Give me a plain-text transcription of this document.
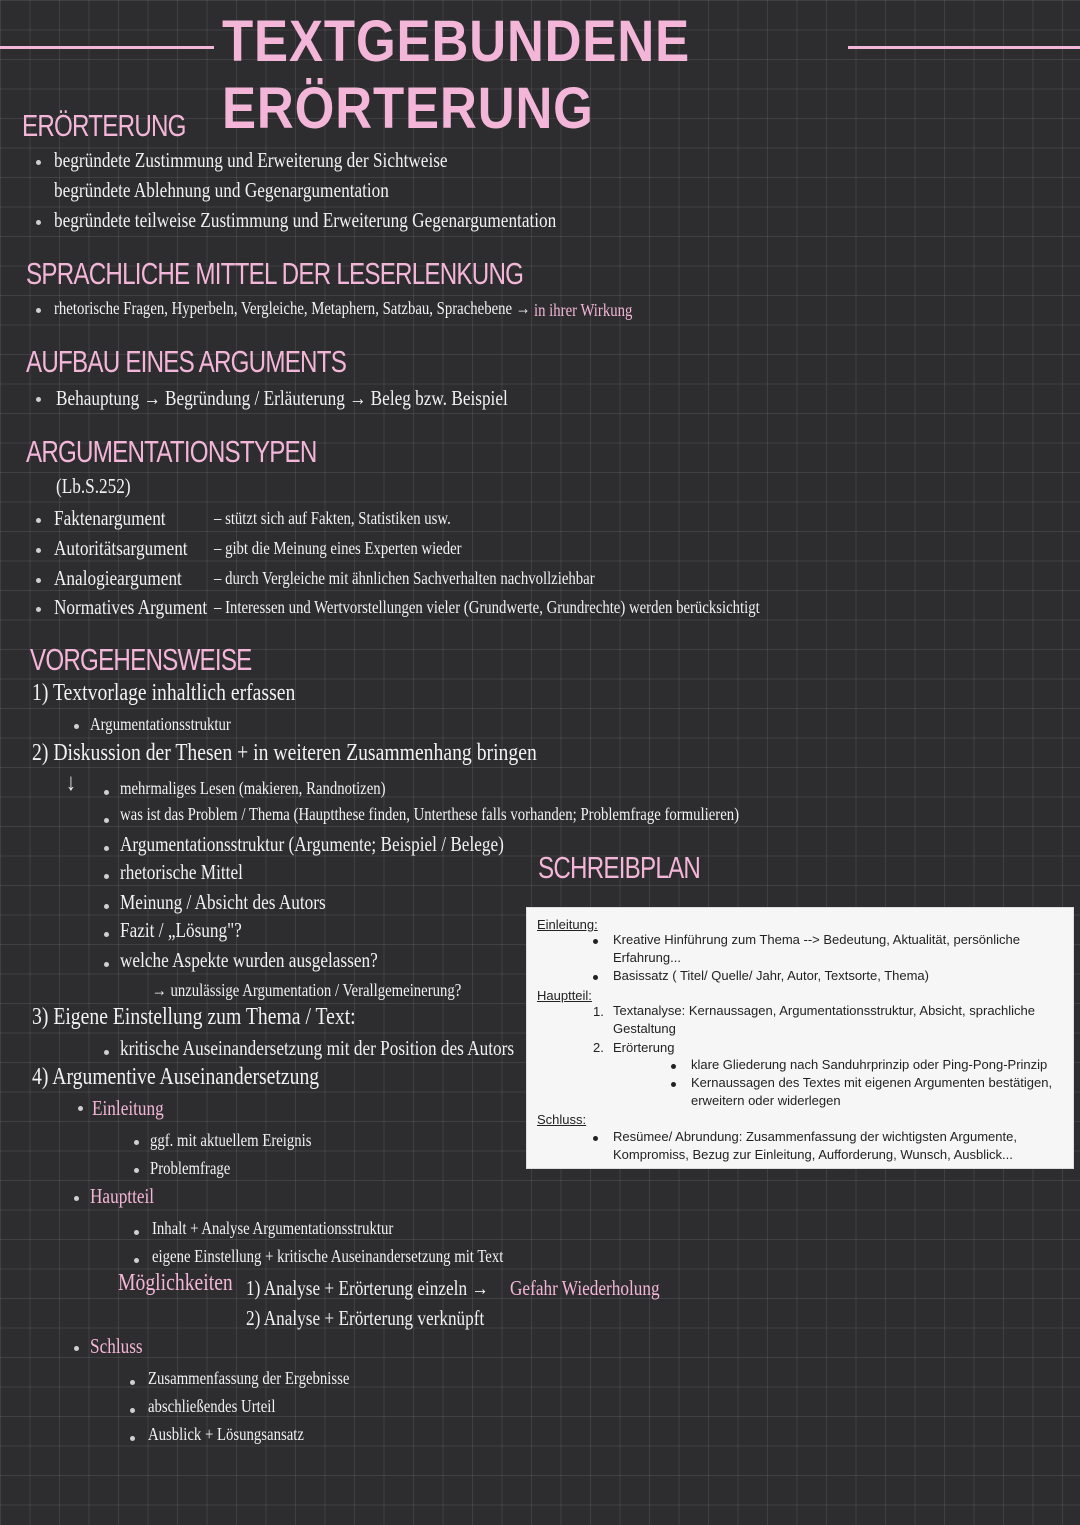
TEXTGEBUNDENE ERÖRTERUNG
ERÖRTERUNG
begründete Zustimmung und Erweiterung der Sichtweise
begründete Ablehnung und Gegenargumentation
begründete teilweise Zustimmung und Erweiterung Gegenargumentation
SPRACHLICHE MITTEL DER LESERLENKUNG
rhetorische Fragen, Hyperbeln, Vergleiche, Metaphern, Satzbau, Sprachebene → in ihrer Wirkung
AUFBAU EINES ARGUMENTS
Behauptung → Begründung / Erläuterung → Beleg bzw. Beispiel
ARGUMENTATIONSTYPEN
(Lb.S.252)
Faktenargument	– stützt sich auf Fakten, Statistiken usw.
Autoritätsargument – gibt die Meinung eines Experten wieder
Analogieargument – durch Vergleiche mit ähnlichen Sachverhalten nachvollziehbar
Normatives Argument – Interessen und Wertvorstellungen vieler (Grundwerte, Grundrechte) werden berücksichtigt
VORGEHENSWEISE
1) Textvorlage inhaltlich erfassen
Argumentationsstruktur
2) Diskussion der Thesen + in weiteren Zusammenhang bringen
↓ mehrmaliges Lesen (makieren, Randnotizen)
was ist das Problem / Thema (Hauptthese finden, Unterthese falls vorhanden; Problemfrage formulieren)
Argumentationsstruktur (Argumente; Beispiel / Belege)
rhetorische Mittel
Meinung / Absicht des Autors
Fazit / „Lösung"?
welche Aspekte wurden ausgelassen?
→ unzulässige Argumentation / Verallgemeinerung?
3) Eigene Einstellung zum Thema / Text:
kritische Auseinandersetzung mit der Position des Autors
4) Argumentive Auseinandersetzung
Einleitung
ggf. mit aktuellem Ereignis
Problemfrage
Hauptteil
Inhalt + Analyse Argumentationsstruktur
eigene Einstellung + kritische Auseinandersetzung mit Text
Möglichkeiten 1) Analyse + Erörterung einzeln → Gefahr Wiederholung
2) Analyse + Erörterung verknüpft
Schluss
Zusammenfassung der Ergebnisse
abschließendes Urteil
Ausblick + Lösungsansatz
SCHREIBPLAN
Einleitung:
Kreative Hinführung zum Thema --> Bedeutung, Aktualität, persönliche Erfahrung...
Basissatz ( Titel/ Quelle/ Jahr, Autor, Textsorte, Thema)
Hauptteil:
1. Textanalyse: Kernaussagen, Argumentationsstruktur, Absicht, sprachliche Gestaltung
2. Erörterung
klare Gliederung nach Sanduhrprinzip oder Ping-Pong-Prinzip
Kernaussagen des Textes mit eigenen Argumenten bestätigen, erweitern oder widerlegen
Schluss:
Resümee/ Abrundung: Zusammenfassung der wichtigsten Argumente, Kompromiss, Bezug zur Einleitung, Aufforderung, Wunsch, Ausblick...
